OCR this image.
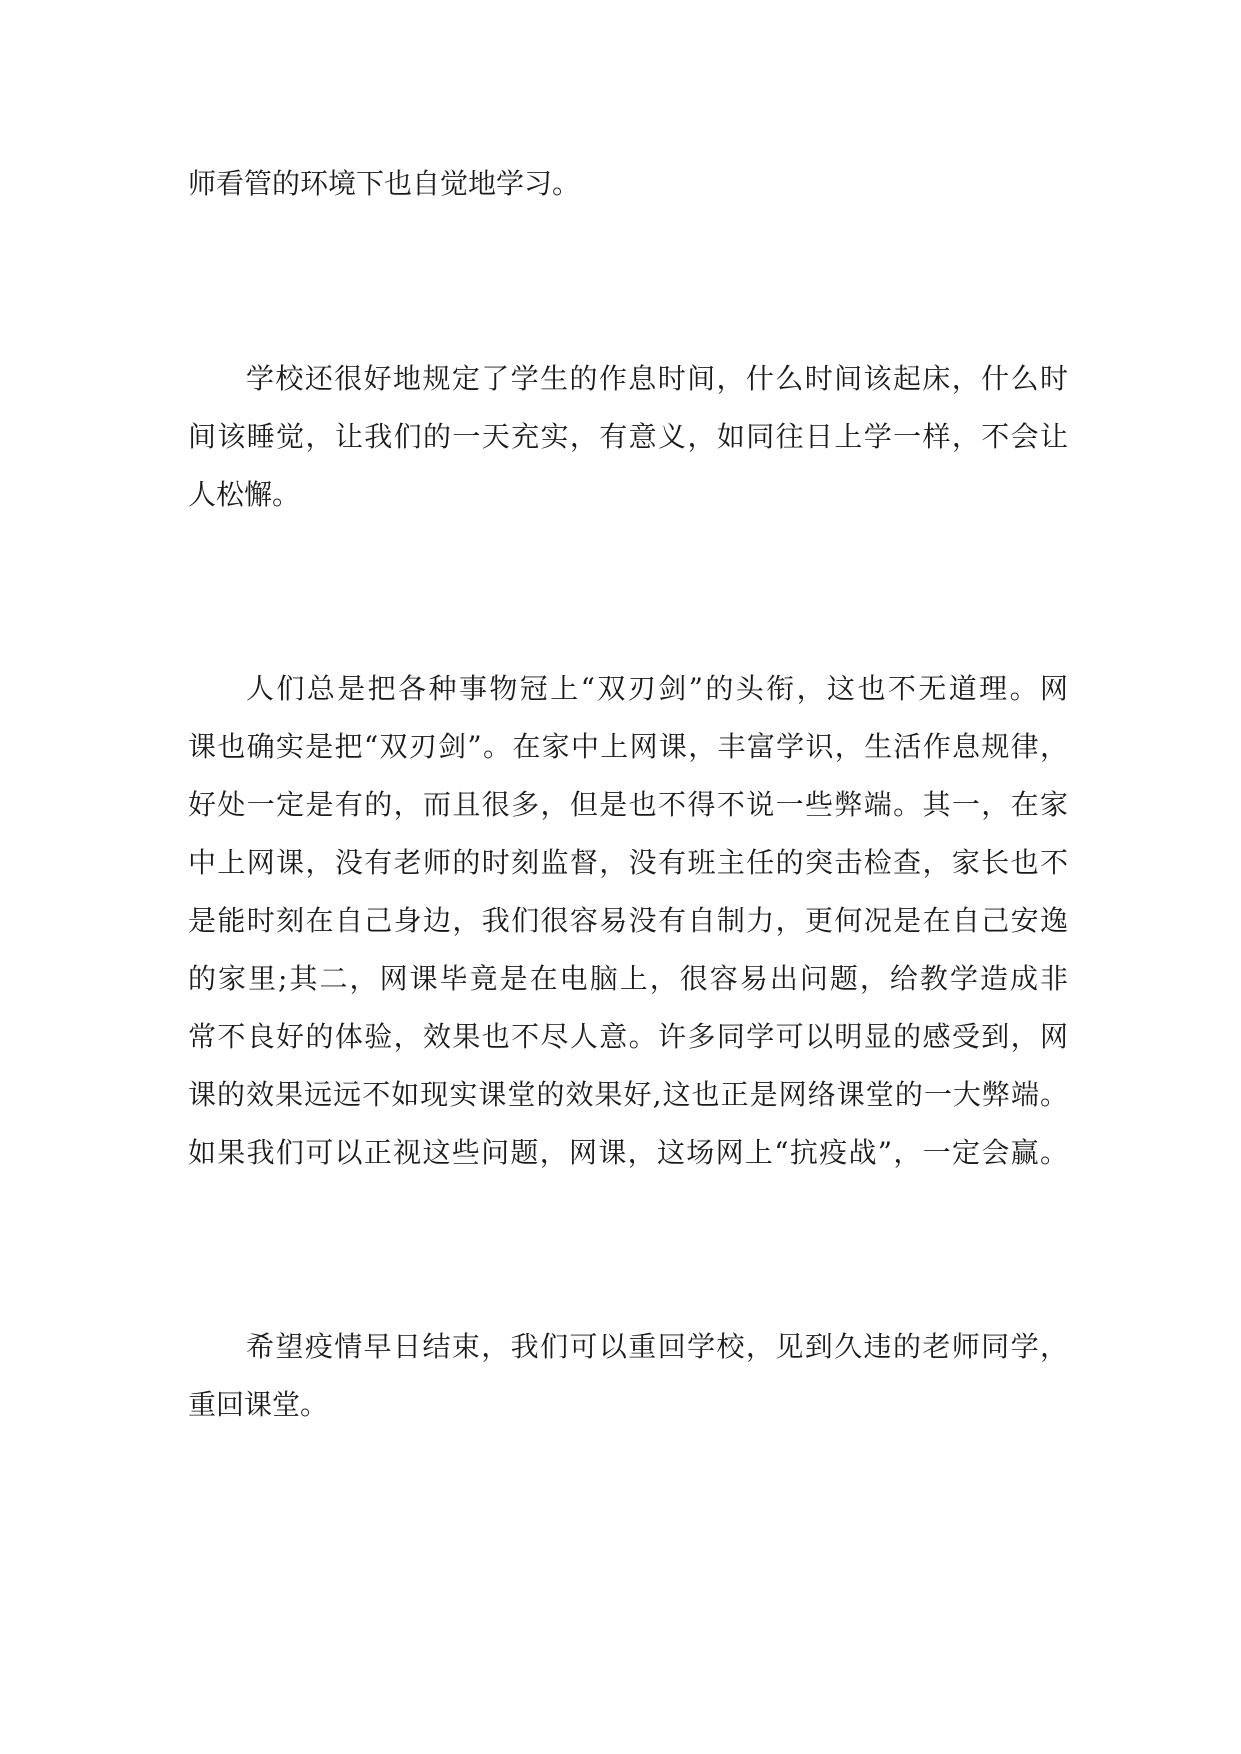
师看管的环境下也自觉地学习。
学校还很好地规定了学生的作息时间，什么时间该起床，什么时
间该睡觉，让我们的一天充实，有意义，如同往日上学一样，不会让
人松懈。
人们总是把各种事物冠上“双刃剑”的头衔，这也不无道理。网
课也确实是把“双刃剑”。在家中上网课，丰富学识，生活作息规律，
好处一定是有的，而且很多，但是也不得不说一些弊端。其一，在家
中上网课，没有老师的时刻监督，没有班主任的突击检查，家长也不
是能时刻在自己身边，我们很容易没有自制力，更何况是在自己安逸
的家里;其二，网课毕竟是在电脑上，很容易出问题，给教学造成非
常不良好的体验，效果也不尽人意。许多同学可以明显的感受到，网
课的效果远远不如现实课堂的效果好,这也正是网络课堂的一大弊端。
如果我们可以正视这些问题，网课，这场网上“抗疫战”，一定会赢。
希望疫情早日结束，我们可以重回学校，见到久违的老师同学，
重回课堂。
